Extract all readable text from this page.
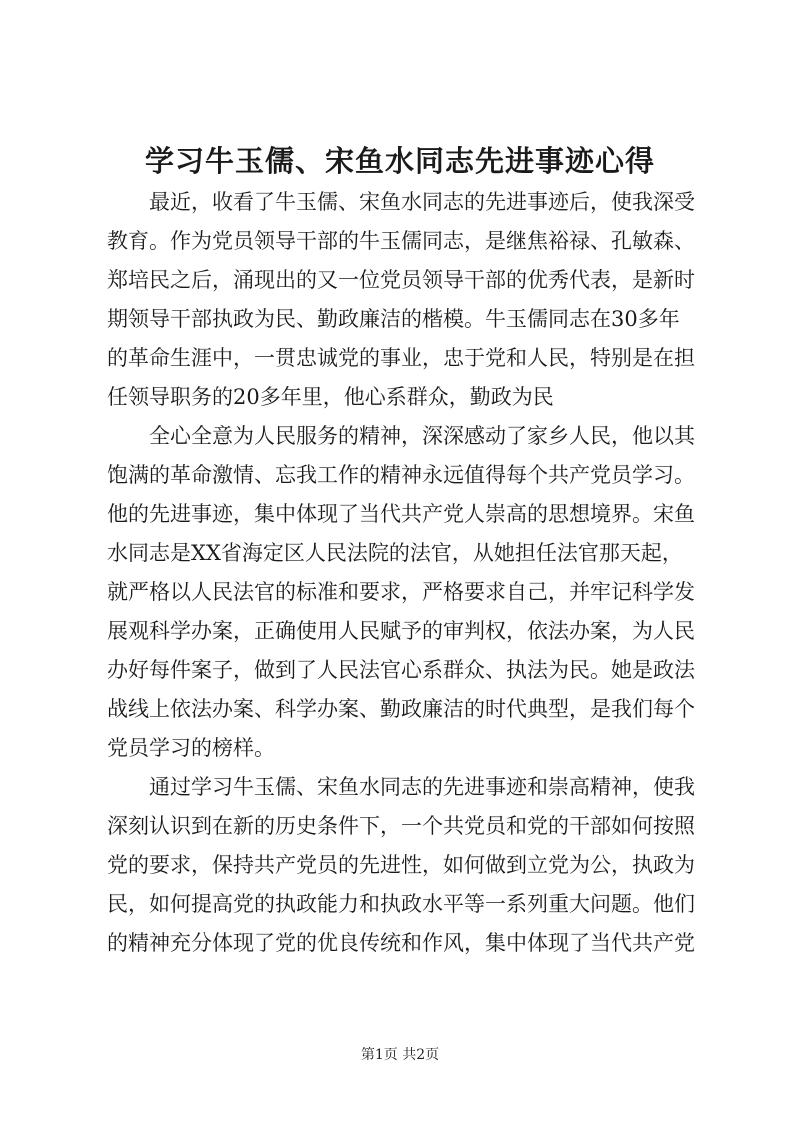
学习牛玉儒、宋鱼水同志先进事迹心得
最近，收看了牛玉儒、宋鱼水同志的先进事迹后，使我深受
教育。作为党员领导干部的牛玉儒同志，是继焦裕禄、孔敏森、
郑培民之后，涌现出的又一位党员领导干部的优秀代表，是新时
期领导干部执政为民、勤政廉洁的楷模。牛玉儒同志在30多年
的革命生涯中，一贯忠诚党的事业，忠于党和人民，特别是在担
任领导职务的20多年里，他心系群众，勤政为民
全心全意为人民服务的精神，深深感动了家乡人民，他以其
饱满的革命激情、忘我工作的精神永远值得每个共产党员学习。
他的先进事迹，集中体现了当代共产党人崇高的思想境界。宋鱼
水同志是XX省海定区人民法院的法官，从她担任法官那天起，
就严格以人民法官的标准和要求，严格要求自己，并牢记科学发
展观科学办案，正确使用人民赋予的审判权，依法办案，为人民
办好每件案子，做到了人民法官心系群众、执法为民。她是政法
战线上依法办案、科学办案、勤政廉洁的时代典型，是我们每个
党员学习的榜样。
通过学习牛玉儒、宋鱼水同志的先进事迹和崇高精神，使我
深刻认识到在新的历史条件下，一个共党员和党的干部如何按照
党的要求，保持共产党员的先进性，如何做到立党为公，执政为
民，如何提高党的执政能力和执政水平等一系列重大问题。他们
的精神充分体现了党的优良传统和作风，集中体现了当代共产党
第1页 共2页
